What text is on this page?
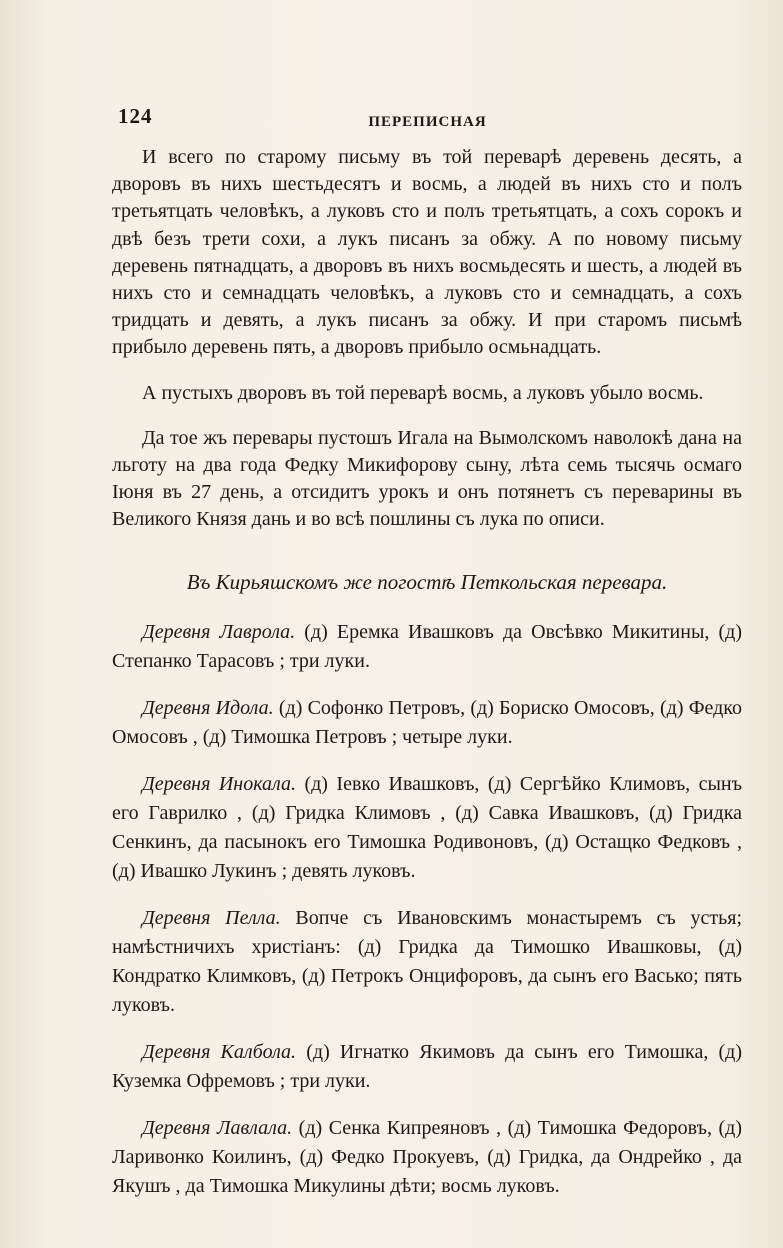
124	ПЕРЕПИСНАЯ

И всего по старому письму въ той переварѣ деревень десять, а дворовъ въ нихъ шестьдесятъ и восмь, а людей въ нихъ сто и полъ третьятцать человѣкъ, а луковъ сто и полъ третьятцать, а сохъ сорокъ и двѣ безъ трети сохи, а лукъ писанъ за обжу. А по новому письму деревень пятнадцать, а дворовъ въ нихъ восмьдесять и шесть, а людей въ нихъ сто и семнадцать человѣкъ, а луковъ сто и семнадцать, а сохъ тридцать и девять, а лукъ писанъ за обжу. И при старомъ письмѣ прибыло деревень пять, а дворовъ прибыло осмьнадцать.

А пустыхъ дворовъ въ той переварѣ восмь, а луковъ убыло восмь.

Да тое жъ перевары пустошъ Игала на Вымолскомъ наволокѣ дана на льготу на два года Федку Микифорову сыну, лѣта семь тысячь осмаго Іюня въ 27 день, а отсидитъ урокъ и онъ потянетъ съ переварины въ Великого Князя дань и во всѣ пошлины съ лука по описи.

Въ Кирьяшскомъ же погостѣ Петкольская перевара.
Деревня Лаврола. (д) Еремка Ивашковъ да Овсѣвко Микитины, (д) Степанко Тарасовъ ; три луки.
Деревня Идола. (д) Софонко Петровъ, (д) Бориско Омосовъ, (д) Федко Омосовъ , (д) Тимошка Петровъ ; четыре луки.
Деревня Инокала. (д) Іевко Ивашковъ, (д) Сергѣйко Климовъ, сынъ его Гаврилко , (д) Гридка Климовъ , (д) Савка Ивашковъ, (д) Гридка Сенкинъ, да пасынокъ его Тимошка Родивоновъ, (д) Остащко Федковъ , (д) Ивашко Лукинъ ; девять луковъ.
Деревня Пелла. Вопче съ Ивановскимъ монастыремъ съ устья; намѣстничихъ христіанъ: (д) Гридка да Тимошко Ивашковы, (д) Кондратко Климковъ, (д) Петрокъ Онцифоровъ, да сынъ его Васько; пять луковъ.
Деревня Калбола. (д) Игнатко Якимовъ да сынъ его Тимошка, (д) Куземка Офремовъ ; три луки.
Деревня Лавлала. (д) Сенка Кипреяновъ , (д) Тимошка Федоровъ, (д) Ларивонко Коилинъ, (д) Федко Прокуевъ, (д) Гридка, да Ондрейко , да Якушъ , да Тимошка Микулины дѣти; восмь луковъ.
